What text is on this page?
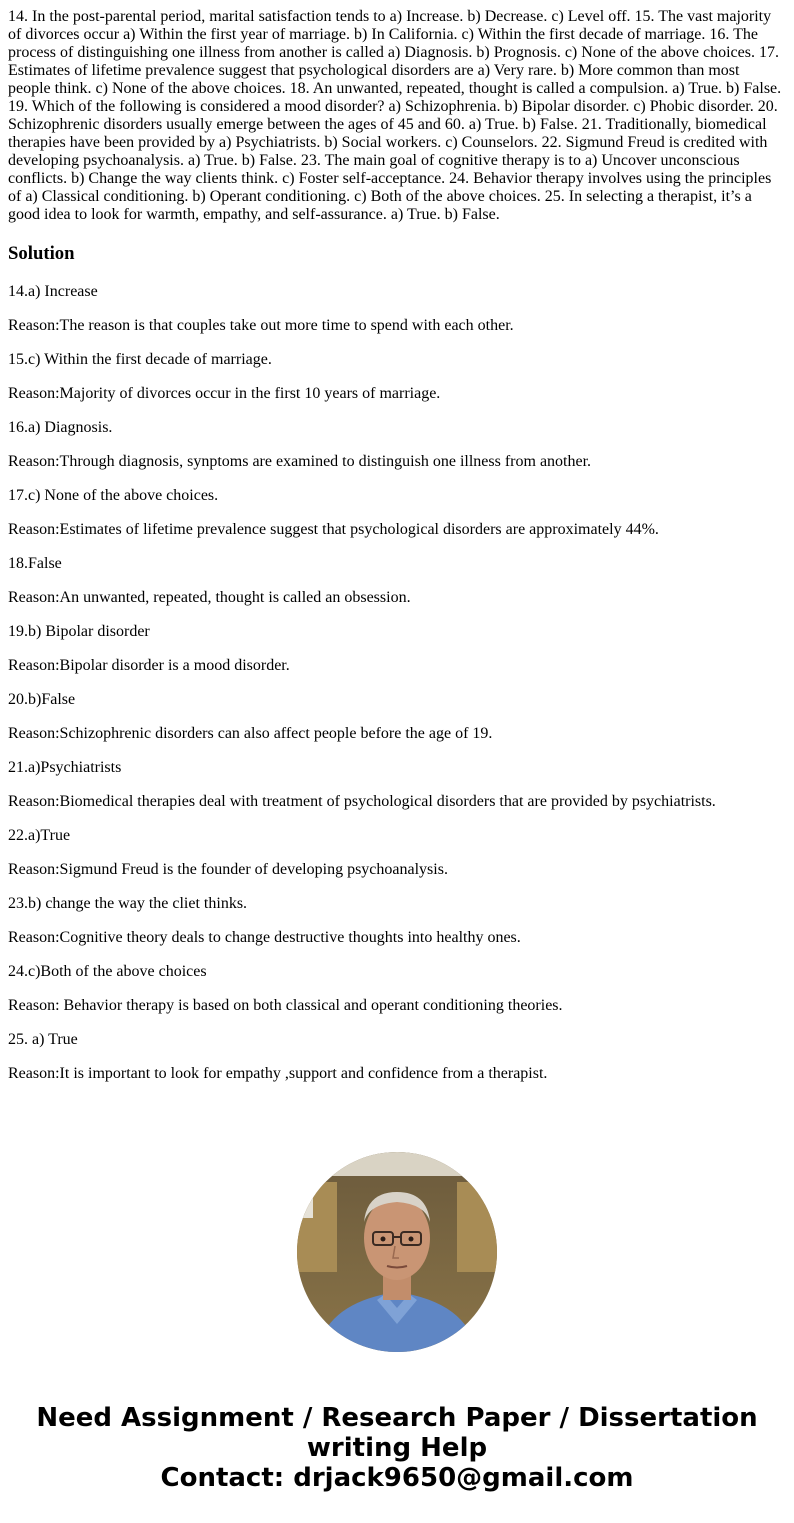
14. In the post-parental period, marital satisfaction tends to a) Increase. b) Decrease. c) Level off. 15. The vast majority of divorces occur a) Within the first year of marriage. b) In California. c) Within the first decade of marriage. 16. The process of distinguishing one illness from another is called a) Diagnosis. b) Prognosis. c) None of the above choices. 17. Estimates of lifetime prevalence suggest that psychological disorders are a) Very rare. b) More common than most people think. c) None of the above choices. 18. An unwanted, repeated, thought is called a compulsion. a) True. b) False. 19. Which of the following is considered a mood disorder? a) Schizophrenia. b) Bipolar disorder. c) Phobic disorder. 20. Schizophrenic disorders usually emerge between the ages of 45 and 60. a) True. b) False. 21. Traditionally, biomedical therapies have been provided by a) Psychiatrists. b) Social workers. c) Counselors. 22. Sigmund Freud is credited with developing psychoanalysis. a) True. b) False. 23. The main goal of cognitive therapy is to a) Uncover unconscious conflicts. b) Change the way clients think. c) Foster self-acceptance. 24. Behavior therapy involves using the principles of a) Classical conditioning. b) Operant conditioning. c) Both of the above choices. 25. In selecting a therapist, it’s a good idea to look for warmth, empathy, and self-assurance. a) True. b) False.

Solution

14.a) Increase

Reason:The reason is that couples take out more time to spend with each other.

15.c) Within the first decade of marriage.

Reason:Majority of divorces occur in the first 10 years of marriage.

16.a) Diagnosis.

Reason:Through diagnosis, synptoms are examined to distinguish one illness from another.

17.c) None of the above choices.

Reason:Estimates of lifetime prevalence suggest that psychological disorders are approximately 44%.

18.False

Reason:An unwanted, repeated, thought is called an obsession.

19.b) Bipolar disorder

Reason:Bipolar disorder is a mood disorder.

20.b)False

Reason:Schizophrenic disorders can also affect people before the age of 19.

21.a)Psychiatrists

Reason:Biomedical therapies deal with treatment of psychological disorders that are provided by psychiatrists.

22.a)True

Reason:Sigmund Freud is the founder of developing psychoanalysis.

23.b) change the way the cliet thinks.

Reason:Cognitive theory deals to change destructive thoughts into healthy ones.

24.c)Both of the above choices

Reason: Behavior therapy is based on both classical and operant conditioning theories.

25. a) True

Reason:It is important to look for empathy ,support and confidence from a therapist.

Need Assignment / Research Paper / Dissertation
writing Help
Contact: drjack9650@gmail.com
